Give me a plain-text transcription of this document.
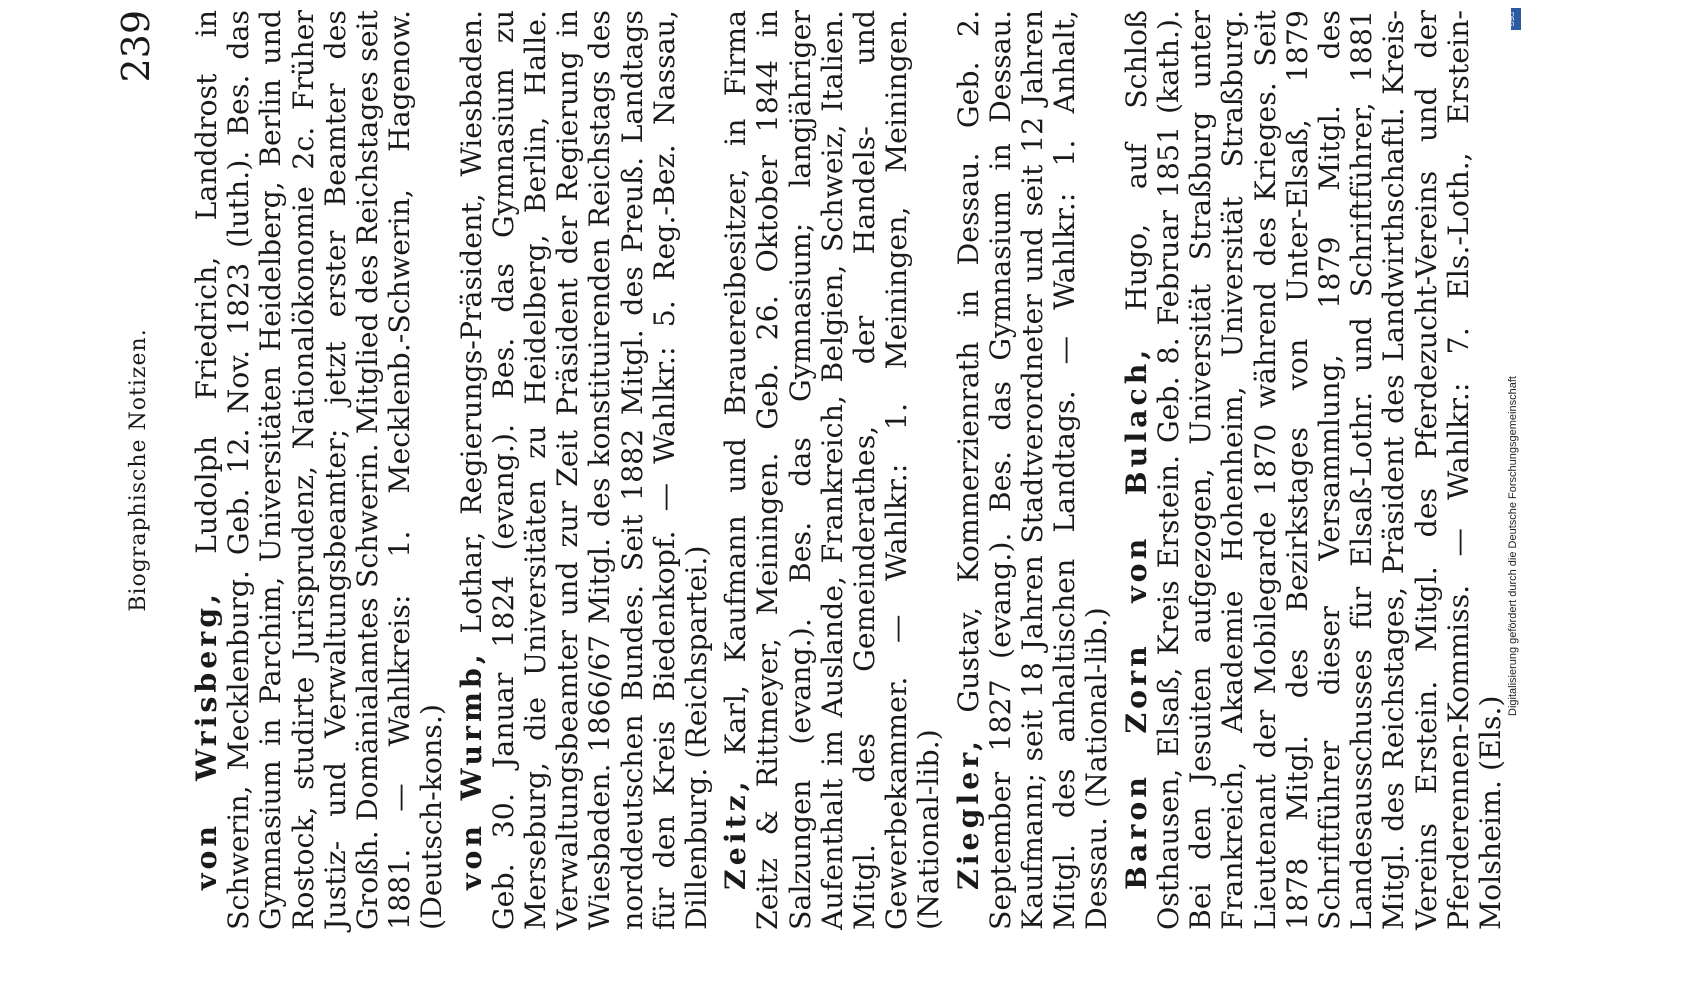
Biographische Notizen.
239

von Wrisberg, Ludolph Friedrich, Landdrost in Schwerin, Mecklenburg. Geb. 12. Nov. 1823 (luth.). Bes. das Gymnasium in Parchim, Universitäten Heidelberg, Berlin und Rostock, studirte Jurisprudenz, Nationalökonomie 2c. Früher Justiz- und Verwaltungsbeamter; jetzt erster Beamter des Großh. Domänialamtes Schwerin. Mitglied des Reichstages seit 1881. — Wahlkreis: 1. Mecklenb.-Schwerin, Hagenow. (Deutsch-kons.) von Wurmb, Lothar, Regierungs-Präsident, Wiesbaden. Geb. 30. Januar 1824 (evang.). Bes. das Gymnasium zu Merseburg, die Universitäten zu Heidelberg, Berlin, Halle. Verwaltungsbeamter und zur Zeit Präsident der Regierung in Wiesbaden. 1866/67 Mitgl. des konstituirenden Reichstags des norddeutschen Bundes. Seit 1882 Mitgl. des Preuß. Landtags für den Kreis Biedenkopf. — Wahlkr.: 5. Reg.-Bez. Nassau, Dillenburg. (Reichspartei.) Zeitz, Karl, Kaufmann und Brauereibesitzer, in Firma Zeitz & Rittmeyer, Meiningen. Geb. 26. Oktober 1844 in Salzungen (evang.). Bes. das Gymnasium; langjähriger Aufenthalt im Auslande, Frankreich, Belgien, Schweiz, Italien. Mitgl. des Gemeinderathes, der Handels- und Gewerbekammer. — Wahlkr.: 1. Meiningen, Meiningen. (National-lib.) Ziegler, Gustav, Kommerzienrath in Dessau. Geb. 2. September 1827 (evang.). Bes. das Gymnasium in Dessau. Kaufmann; seit 18 Jahren Stadtverordneter und seit 12 Jahren Mitgl. des anhaltischen Landtags. — Wahlkr.: 1. Anhalt, Dessau. (National-lib.) Baron Zorn von Bulach, Hugo, auf Schloß Osthausen, Elsaß, Kreis Erstein. Geb. 8. Februar 1851 (kath.). Bei den Jesuiten aufgezogen, Universität Straßburg unter Frankreich, Akademie Hohenheim, Universität Straßburg. Lieutenant der Mobilegarde 1870 während des Krieges. Seit 1878 Mitgl. des Bezirkstages von Unter-Elsaß, 1879 Schriftführer dieser Versammlung, 1879 Mitgl. des Landesausschusses für Elsaß-Lothr. und Schriftführer, 1881 Mitgl. des Reichstages, Präsident des Landwirthschaftl. Kreis-Vereins Erstein. Mitgl. des Pferdezucht-Vereins und der Pferderennen-Kommiss. — Wahlkr.: 7. Els.-Loth., Erstein-Molsheim. (Els.)

DFG
Digitalisierung gefördert durch die Deutsche Forschungsgemeinschaft
